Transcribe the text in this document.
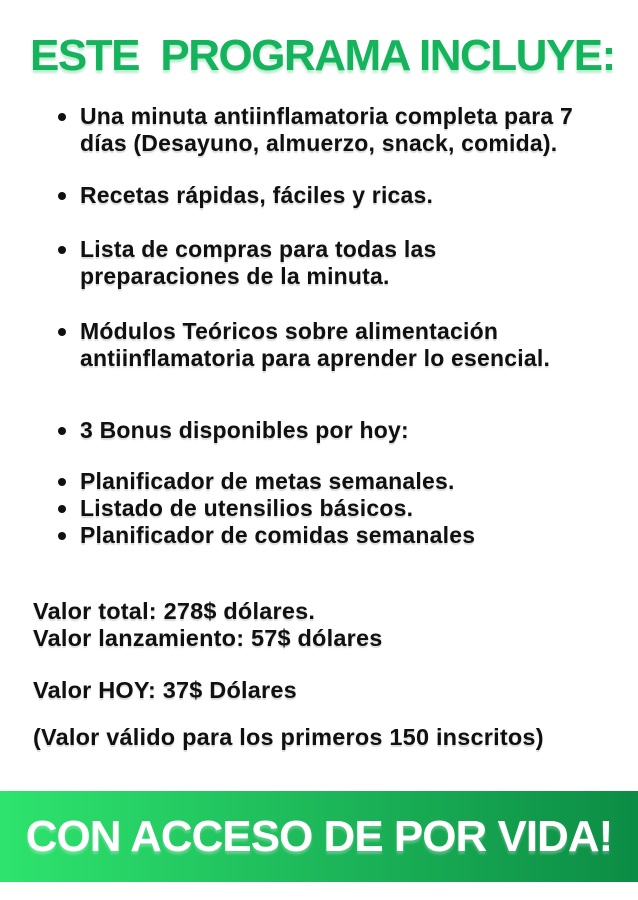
ESTE  PROGRAMA INCLUYE:
Una minuta antiinflamatoria completa para 7 días (Desayuno, almuerzo, snack, comida).
Recetas rápidas, fáciles y ricas.
Lista de compras para todas las preparaciones de la minuta.
Módulos Teóricos sobre alimentación antiinflamatoria para aprender lo esencial.
3 Bonus disponibles por hoy:
Planificador de metas semanales.
Listado de utensilios básicos.
Planificador de comidas semanales

Valor total: 278$ dólares.

Valor lanzamiento: 57$ dólares

Valor HOY: 37$ Dólares

(Valor válido para los primeros 150 inscritos)

CON ACCESO DE POR VIDA!
